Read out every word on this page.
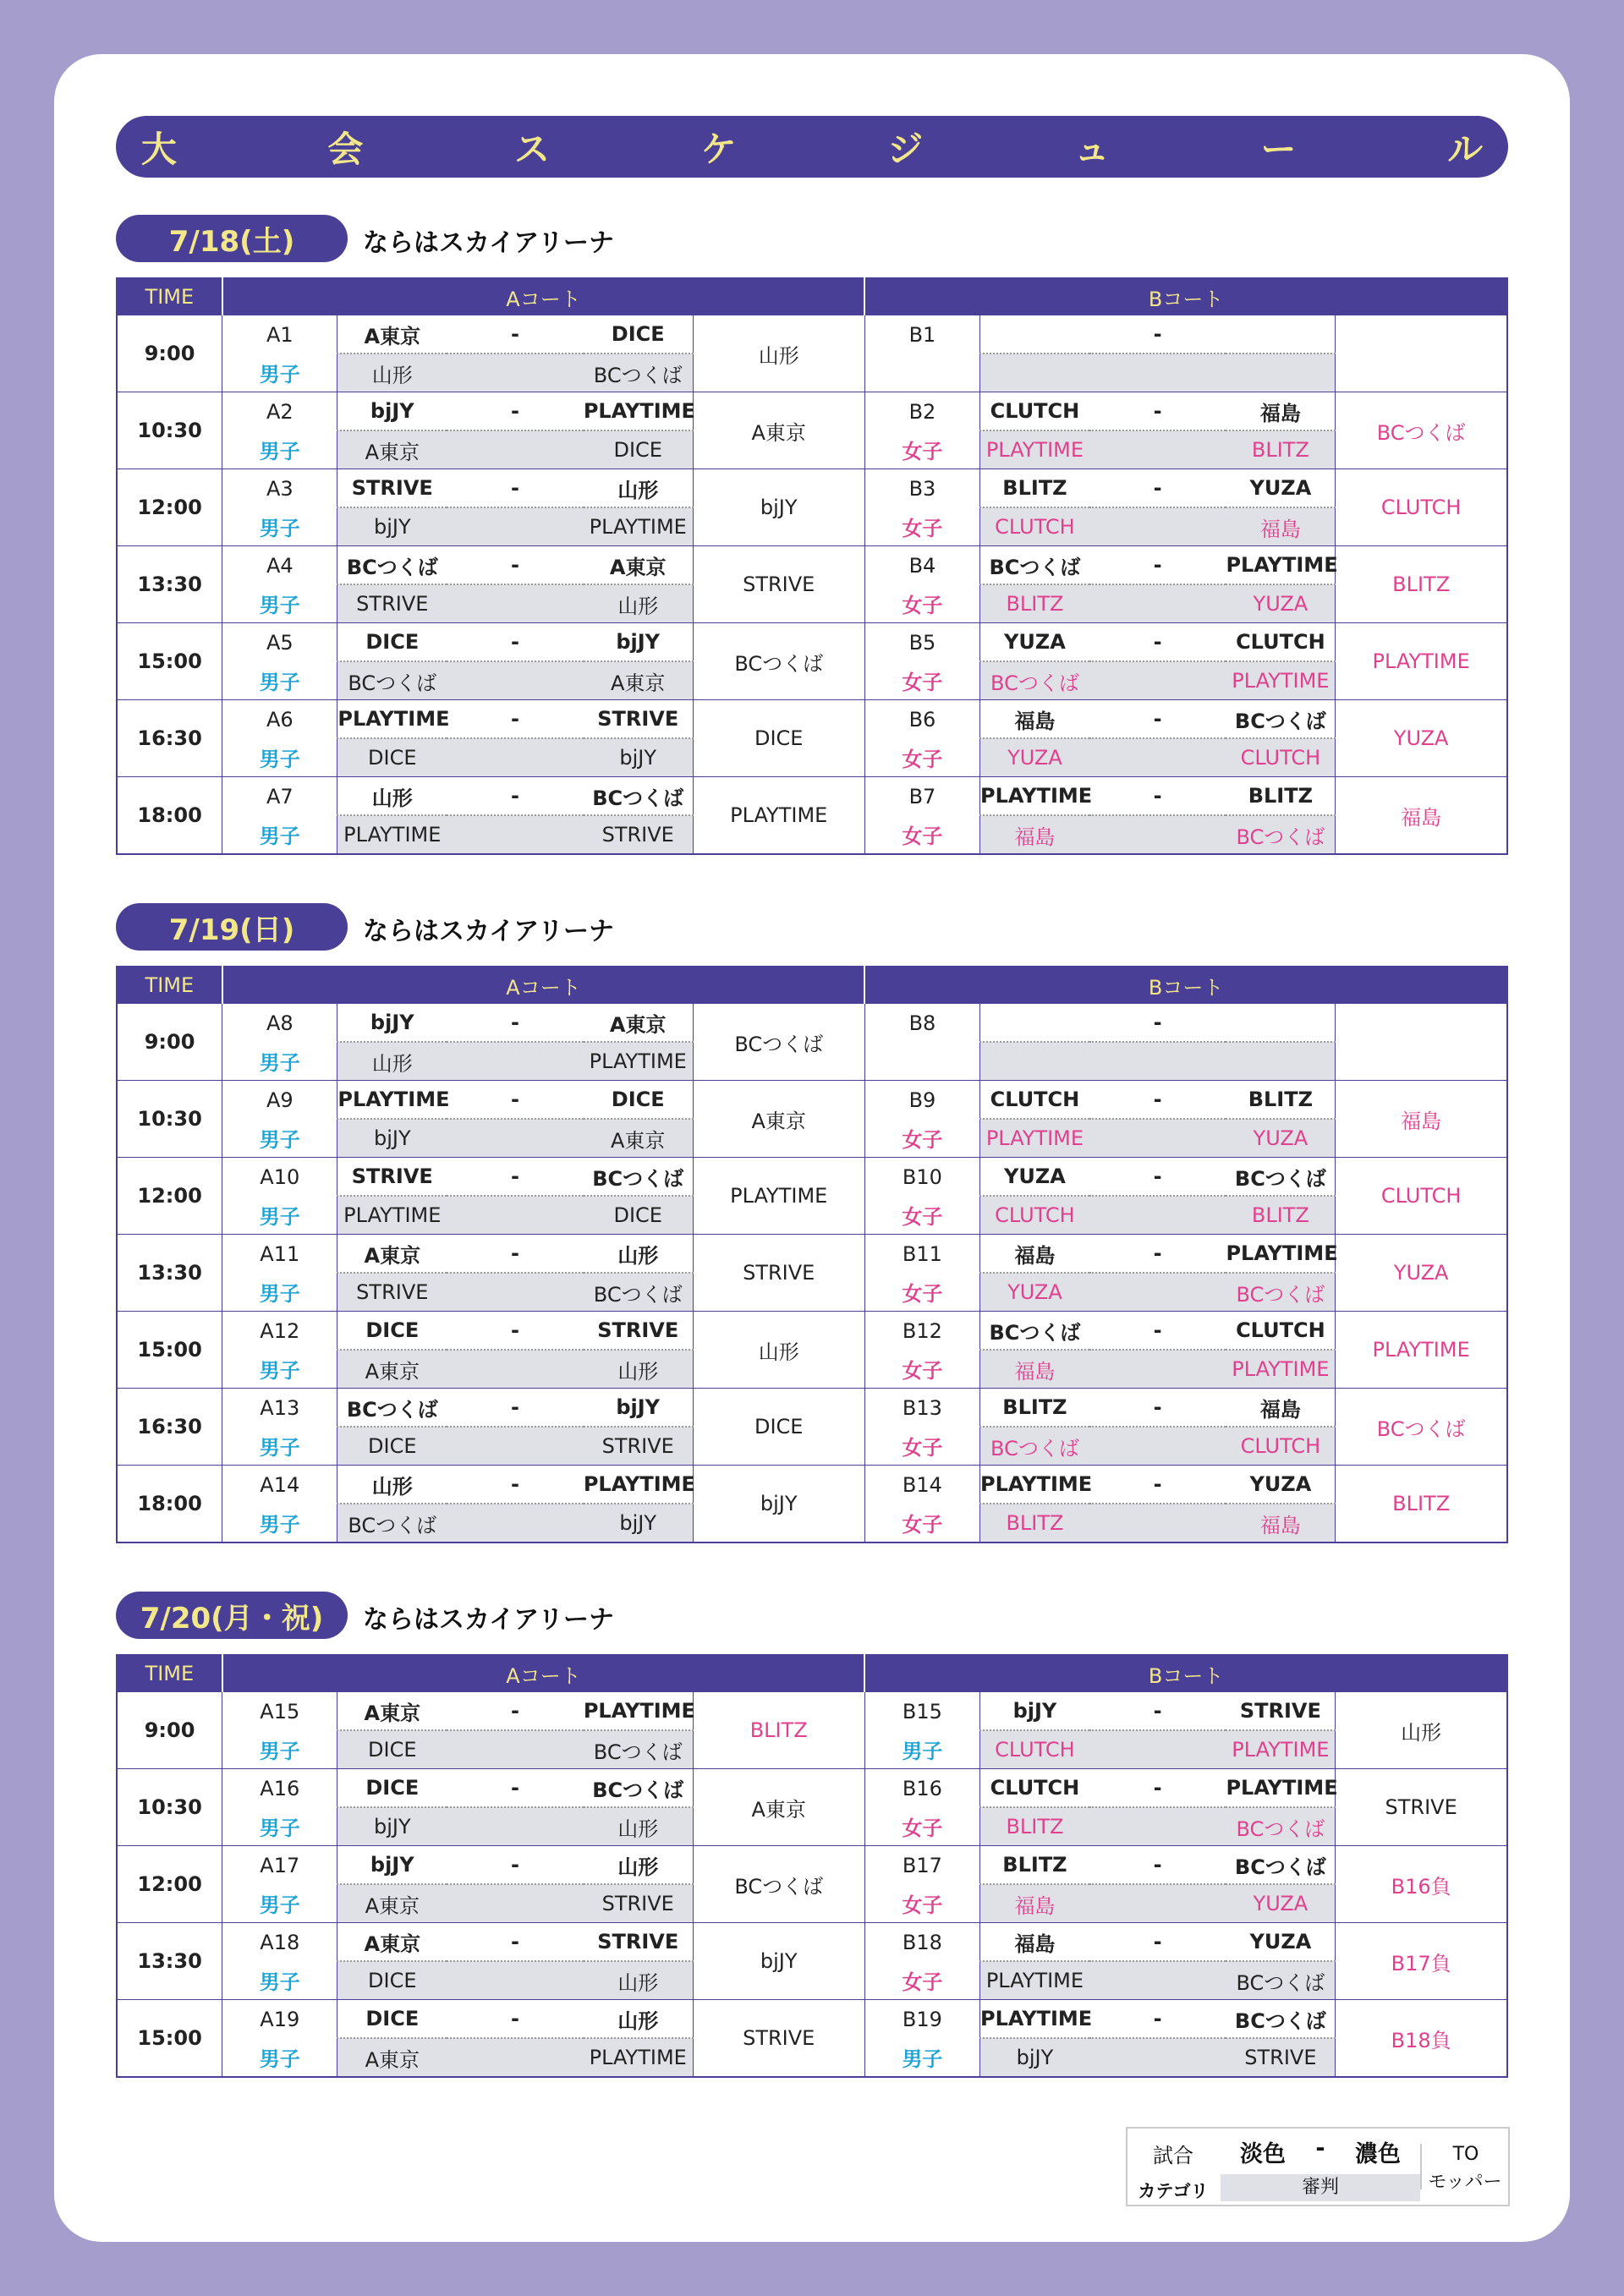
大 会 ス ケ ジ ュ ー ル
7/18(土)	ならはスカイアリーナ
TIME	Aコート					Bコート				
9:00	A1	A東京	-	DICE	山形	B1		-		
	男子	山形		BCつくば						
10:30	A2	bjJY	-	PLAYTIME	A東京	B2	CLUTCH	-	福島	BCつくば
	男子	A東京		DICE		女子	PLAYTIME		BLITZ	
12:00	A3	STRIVE	-	山形	bjJY	B3	BLITZ	-	YUZA	CLUTCH
	男子	bjJY		PLAYTIME		女子	CLUTCH		福島	
13:30	A4	BCつくば	-	A東京	STRIVE	B4	BCつくば	-	PLAYTIME	BLITZ
	男子	STRIVE		山形		女子	BLITZ		YUZA	
15:00	A5	DICE	-	bjJY	BCつくば	B5	YUZA	-	CLUTCH	PLAYTIME
	男子	BCつくば		A東京		女子	BCつくば		PLAYTIME	
16:30	A6	PLAYTIME	-	STRIVE	DICE	B6	福島	-	BCつくば	YUZA
	男子	DICE		bjJY		女子	YUZA		CLUTCH	
18:00	A7	山形	-	BCつくば	PLAYTIME	B7	PLAYTIME	-	BLITZ	福島
	男子	PLAYTIME		STRIVE		女子	福島		BCつくば	
7/19(日)	ならはスカイアリーナ
TIME	Aコート					Bコート				
9:00	A8	bjJY	-	A東京	BCつくば	B8		-		
	男子	山形		PLAYTIME						
10:30	A9	PLAYTIME	-	DICE	A東京	B9	CLUTCH	-	BLITZ	福島
	男子	bjJY		A東京		女子	PLAYTIME		YUZA	
12:00	A10	STRIVE	-	BCつくば	PLAYTIME	B10	YUZA	-	BCつくば	CLUTCH
	男子	PLAYTIME		DICE		女子	CLUTCH		BLITZ	
13:30	A11	A東京	-	山形	STRIVE	B11	福島	-	PLAYTIME	YUZA
	男子	STRIVE		BCつくば		女子	YUZA		BCつくば	
15:00	A12	DICE	-	STRIVE	山形	B12	BCつくば	-	CLUTCH	PLAYTIME
	男子	A東京		山形		女子	福島		PLAYTIME	
16:30	A13	BCつくば	-	bjJY	DICE	B13	BLITZ	-	福島	BCつくば
	男子	DICE		STRIVE		女子	BCつくば		CLUTCH	
18:00	A14	山形	-	PLAYTIME	bjJY	B14	PLAYTIME	-	YUZA	BLITZ
	男子	BCつくば		bjJY		女子	BLITZ		福島	
7/20(月・祝)	ならはスカイアリーナ
TIME	Aコート					Bコート				
9:00	A15	A東京	-	PLAYTIME	BLITZ	B15	bjJY	-	STRIVE	山形
	男子	DICE		BCつくば		男子	CLUTCH		PLAYTIME	
10:30	A16	DICE	-	BCつくば	A東京	B16	CLUTCH	-	PLAYTIME	STRIVE
	男子	bjJY		山形		女子	BLITZ		BCつくば	
12:00	A17	bjJY	-	山形	BCつくば	B17	BLITZ	-	BCつくば	B16負
	男子	A東京		STRIVE		女子	福島		YUZA	
13:30	A18	A東京	-	STRIVE	bjJY	B18	福島	-	YUZA	B17負
	男子	DICE		山形		女子	PLAYTIME		BCつくば	
15:00	A19	DICE	-	山形	STRIVE	B19	PLAYTIME	-	BCつくば	B18負
	男子	A東京		PLAYTIME		男子	bjJY		STRIVE	
試合
カテゴリ
淡色	-	濃色
審判
TO
モッパー
